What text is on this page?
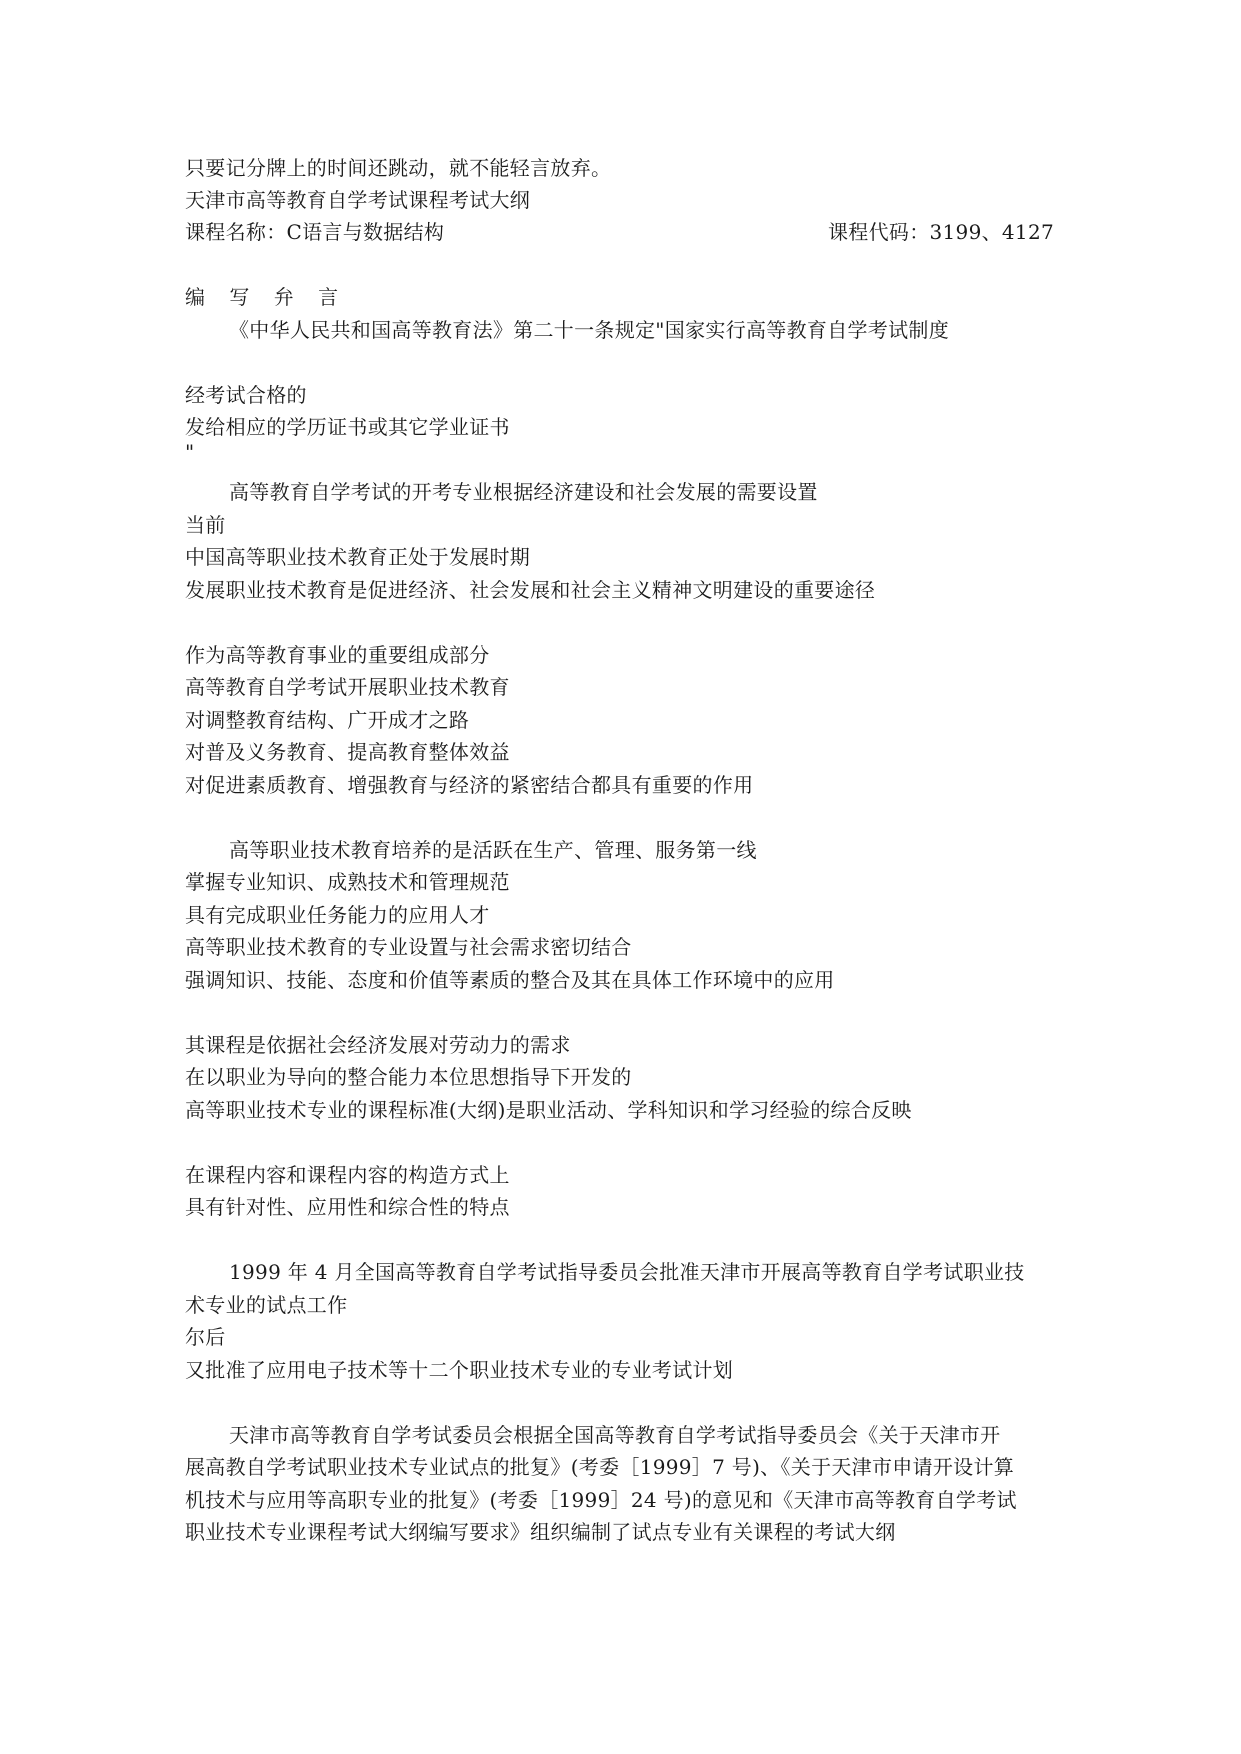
只要记分牌上的时间还跳动，就不能轻言放弃。
天津市高等教育自学考试课程考试大纲
课程名称：C语言与数据结构	课程代码：3199、4127
编 写 弁 言
《中华人民共和国高等教育法》第二十一条规定"国家实行高等教育自学考试制度
经考试合格的
发给相应的学历证书或其它学业证书
"
高等教育自学考试的开考专业根据经济建设和社会发展的需要设置
当前
中国高等职业技术教育正处于发展时期
发展职业技术教育是促进经济、社会发展和社会主义精神文明建设的重要途径
作为高等教育事业的重要组成部分
高等教育自学考试开展职业技术教育
对调整教育结构、广开成才之路
对普及义务教育、提高教育整体效益
对促进素质教育、增强教育与经济的紧密结合都具有重要的作用
高等职业技术教育培养的是活跃在生产、管理、服务第一线
掌握专业知识、成熟技术和管理规范
具有完成职业任务能力的应用人才
高等职业技术教育的专业设置与社会需求密切结合
强调知识、技能、态度和价值等素质的整合及其在具体工作环境中的应用
其课程是依据社会经济发展对劳动力的需求
在以职业为导向的整合能力本位思想指导下开发的
高等职业技术专业的课程标准(大纲)是职业活动、学科知识和学习经验的综合反映
在课程内容和课程内容的构造方式上
具有针对性、应用性和综合性的特点
1999 年 4 月全国高等教育自学考试指导委员会批准天津市开展高等教育自学考试职业技
术专业的试点工作
尔后
又批准了应用电子技术等十二个职业技术专业的专业考试计划
天津市高等教育自学考试委员会根据全国高等教育自学考试指导委员会《关于天津市开
展高教自学考试职业技术专业试点的批复》(考委［1999］7 号)、《关于天津市申请开设计算
机技术与应用等高职专业的批复》(考委［1999］24 号)的意见和《天津市高等教育自学考试
职业技术专业课程考试大纲编写要求》组织编制了试点专业有关课程的考试大纲
